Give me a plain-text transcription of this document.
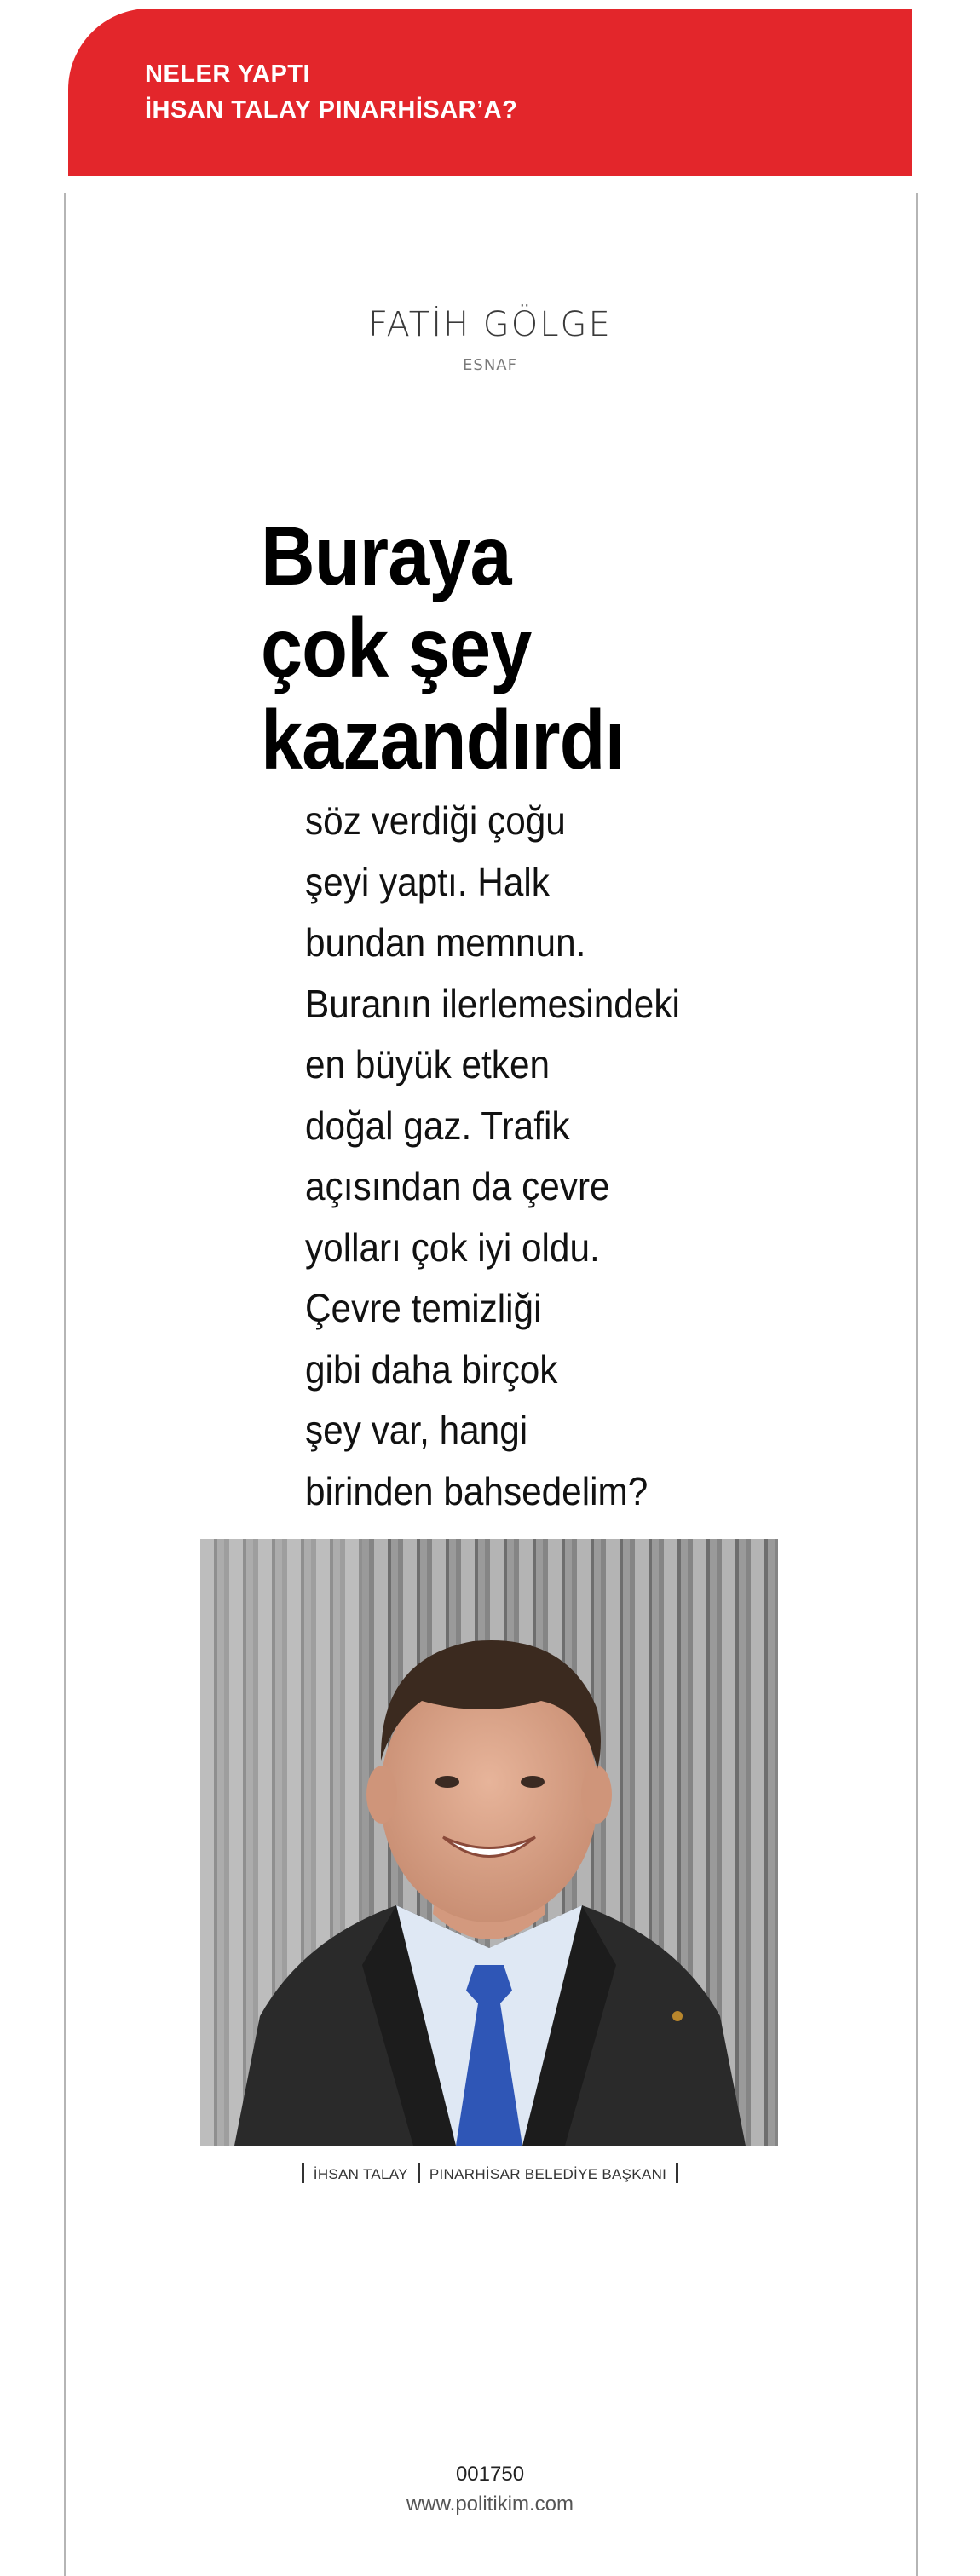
NELER YAPTI

İHSAN TALAY PINARHİSAR’A?

FATİH GÖLGE
ESNAF
Buraya
çok şey
kazandırdı
söz verdiği çoğu
şeyi yaptı. Halk
bundan memnun.
Buranın ilerlemesindeki
en büyük etken
doğal gaz. Trafik
açısından da çevre
yolları çok iyi oldu.
Çevre temizliği
gibi daha birçok
şey var, hangi
birinden bahsedelim?
İHSAN TALAY PINARHİSAR BELEDİYE BAŞKANI
001750
www.politikim.com
